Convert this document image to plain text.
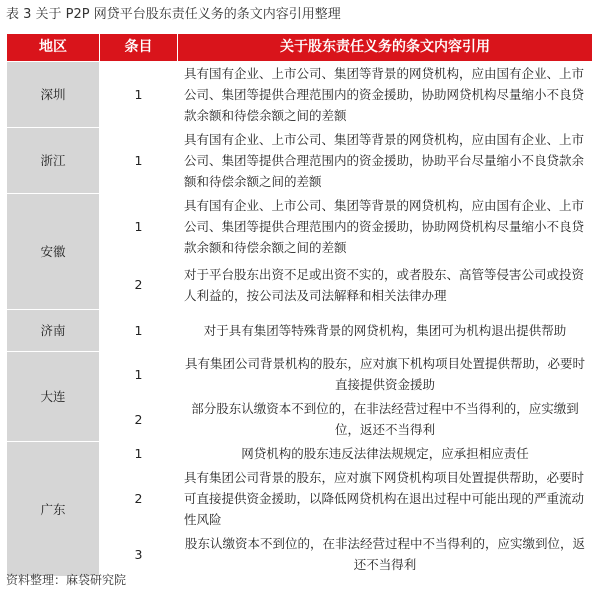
表 3 关于 P2P 网贷平台股东责任义务的条文内容引用整理
地区	条目	关于股东责任义务的条文内容引用
深圳	1	具有国有企业、上市公司、集团等背景的网贷机构，应由国有企业、上市公司、集团等提供合理范围内的资金援助，协助网贷机构尽量缩小不良贷款余额和待偿余额之间的差额
浙江	1	具有国有企业、上市公司、集团等背景的网贷机构，应由国有企业、上市公司、集团等提供合理范围内的资金援助，协助平台尽量缩小不良贷款余额和待偿余额之间的差额
安徽	1	具有国有企业、上市公司、集团等背景的网贷机构，应由国有企业、上市公司、集团等提供合理范围内的资金援助，协助网贷机构尽量缩小不良贷款余额和待偿余额之间的差额
	2	对于平台股东出资不足或出资不实的，或者股东、高管等侵害公司或投资人利益的，按公司法及司法解释和相关法律办理
济南	1	对于具有集团等特殊背景的网贷机构，集团可为机构退出提供帮助
大连	1	具有集团公司背景机构的股东，应对旗下机构项目处置提供帮助，必要时直接提供资金援助
	2	部分股东认缴资本不到位的，在非法经营过程中不当得利的，应实缴到位，返还不当得利
广东	1	网贷机构的股东违反法律法规规定，应承担相应责任
	2	具有集团公司背景的股东，应对旗下网贷机构项目处置提供帮助，必要时可直接提供资金援助，以降低网贷机构在退出过程中可能出现的严重流动性风险
	3	股东认缴资本不到位的，在非法经营过程中不当得利的，应实缴到位，返还不当得利
资料整理：麻袋研究院
